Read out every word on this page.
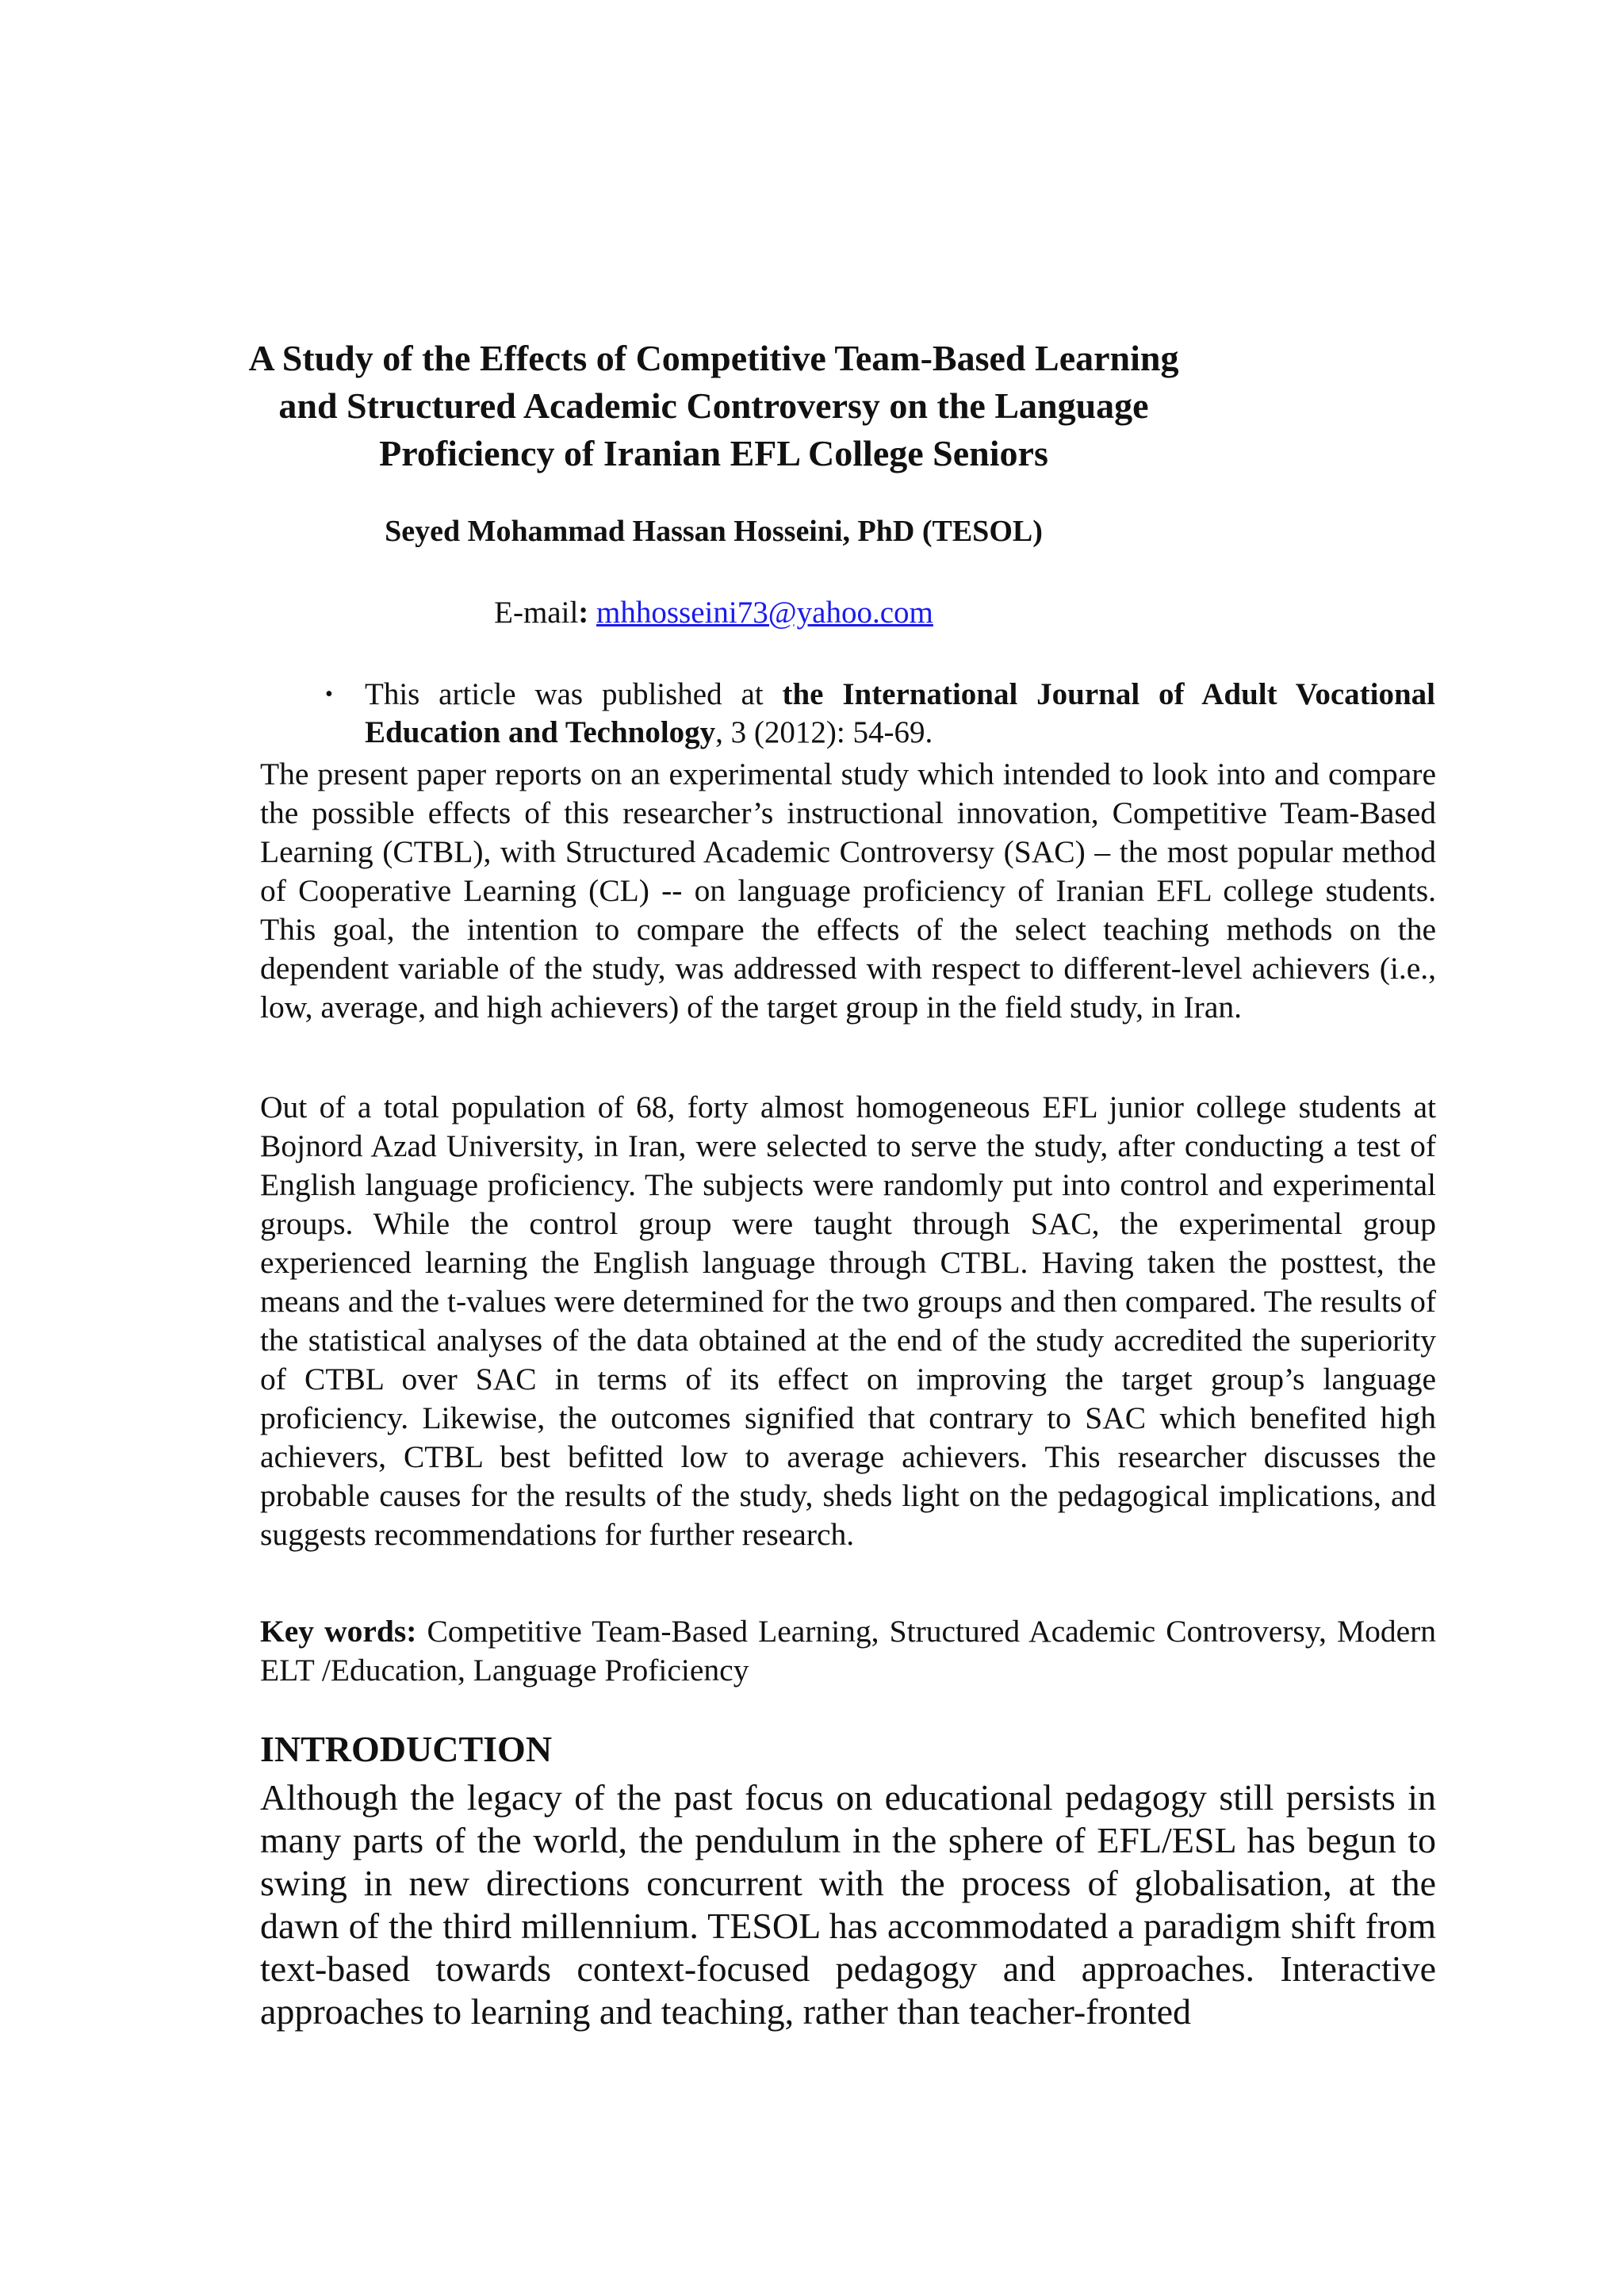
A Study of the Effects of Competitive Team-Based Learning and Structured Academic Controversy on the Language Proficiency of Iranian EFL College Seniors

Seyed Mohammad Hassan Hosseini, PhD (TESOL)

E-mail: mhhosseini73@yahoo.com

• This article was published at the International Journal of Adult Vocational Education and Technology, 3 (2012): 54-69.

The present paper reports on an experimental study which intended to look into and compare the possible effects of this researcher’s instructional innovation, Competitive Team-Based Learning (CTBL), with Structured Academic Controversy (SAC) – the most popular method of Cooperative Learning (CL) -- on language proficiency of Iranian EFL college students. This goal, the intention to compare the effects of the select teaching methods on the dependent variable of the study, was addressed with respect to different-level achievers (i.e., low, average, and high achievers) of the target group in the field study, in Iran.

Out of a total population of 68, forty almost homogeneous EFL junior college students at Bojnord Azad University, in Iran, were selected to serve the study, after conducting a test of English language proficiency. The subjects were randomly put into control and experimental groups. While the control group were taught through SAC, the experimental group experienced learning the English language through CTBL. Having taken the posttest, the means and the t-values were determined for the two groups and then compared. The results of the statistical analyses of the data obtained at the end of the study accredited the superiority of CTBL over SAC in terms of its effect on improving the target group’s language proficiency. Likewise, the outcomes signified that contrary to SAC which benefited high achievers, CTBL best befitted low to average achievers. This researcher discusses the probable causes for the results of the study, sheds light on the pedagogical implications, and suggests recommendations for further research.

Key words: Competitive Team-Based Learning, Structured Academic Controversy, Modern ELT /Education, Language Proficiency

INTRODUCTION

Although the legacy of the past focus on educational pedagogy still persists in many parts of the world, the pendulum in the sphere of EFL/ESL has begun to swing in new directions concurrent with the process of globalisation, at the dawn of the third millennium. TESOL has accommodated a paradigm shift from text-based towards context-focused pedagogy and approaches. Interactive approaches to learning and teaching, rather than teacher-fronted
